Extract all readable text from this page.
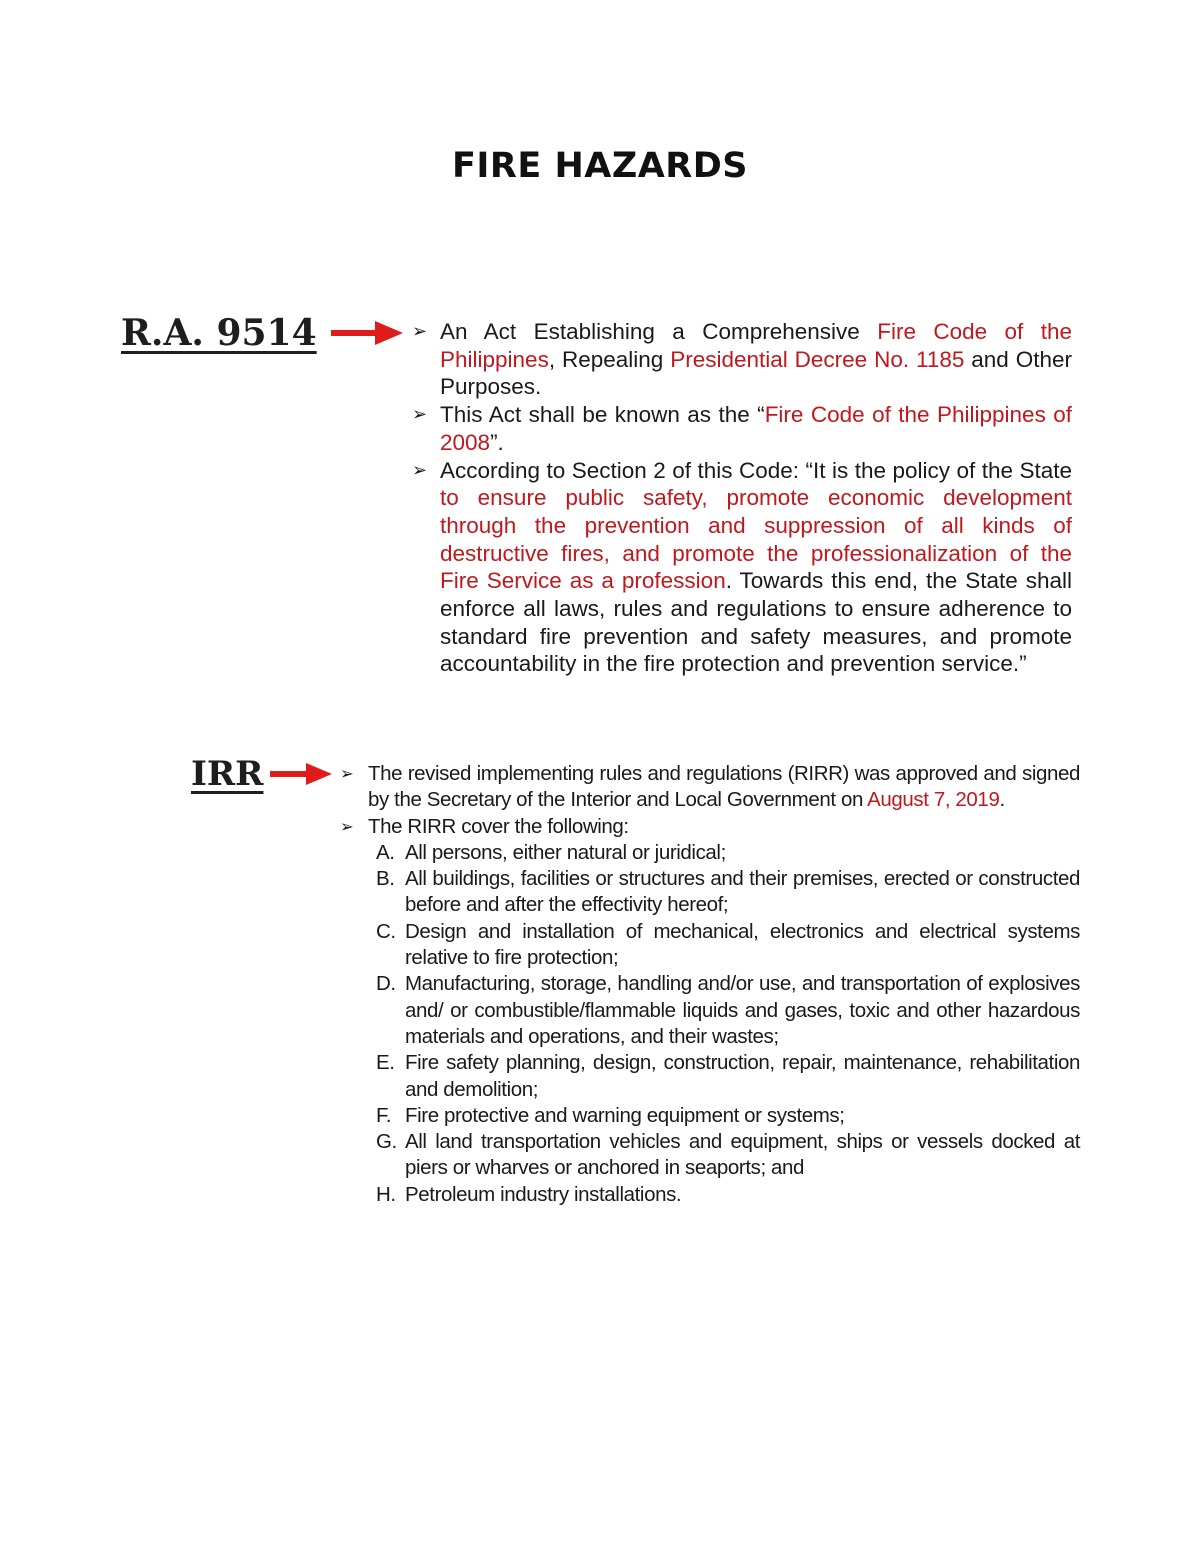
FIRE HAZARDS
R.A. 9514	➢ An Act Establishing a Comprehensive Fire Code of the Philippines, Repealing Presidential Decree No. 1185 and Other Purposes.
➢ This Act shall be known as the “Fire Code of the Philippines of 2008”.
➢ According to Section 2 of this Code: “It is the policy of the State to ensure public safety, promote economic development through the prevention and suppression of all kinds of destructive fires, and promote the professionalization of the Fire Service as a profession. Towards this end, the State shall enforce all laws, rules and regulations to ensure adherence to standard fire prevention and safety measures, and promote accountability in the fire protection and prevention service.”
IRR	➢ The revised implementing rules and regulations (RIRR) was approved and signed by the Secretary of the Interior and Local Government on August 7, 2019.
➢ The RIRR cover the following:
A. All persons, either natural or juridical;
B. All buildings, facilities or structures and their premises, erected or constructed before and after the effectivity hereof;
C. Design and installation of mechanical, electronics and electrical systems relative to fire protection;
D. Manufacturing, storage, handling and/or use, and transportation of explosives and/ or combustible/flammable liquids and gases, toxic and other hazardous materials and operations, and their wastes;
E. Fire safety planning, design, construction, repair, maintenance, rehabilitation and demolition;
F. Fire protective and warning equipment or systems;
G. All land transportation vehicles and equipment, ships or vessels docked at piers or wharves or anchored in seaports; and
H. Petroleum industry installations.
